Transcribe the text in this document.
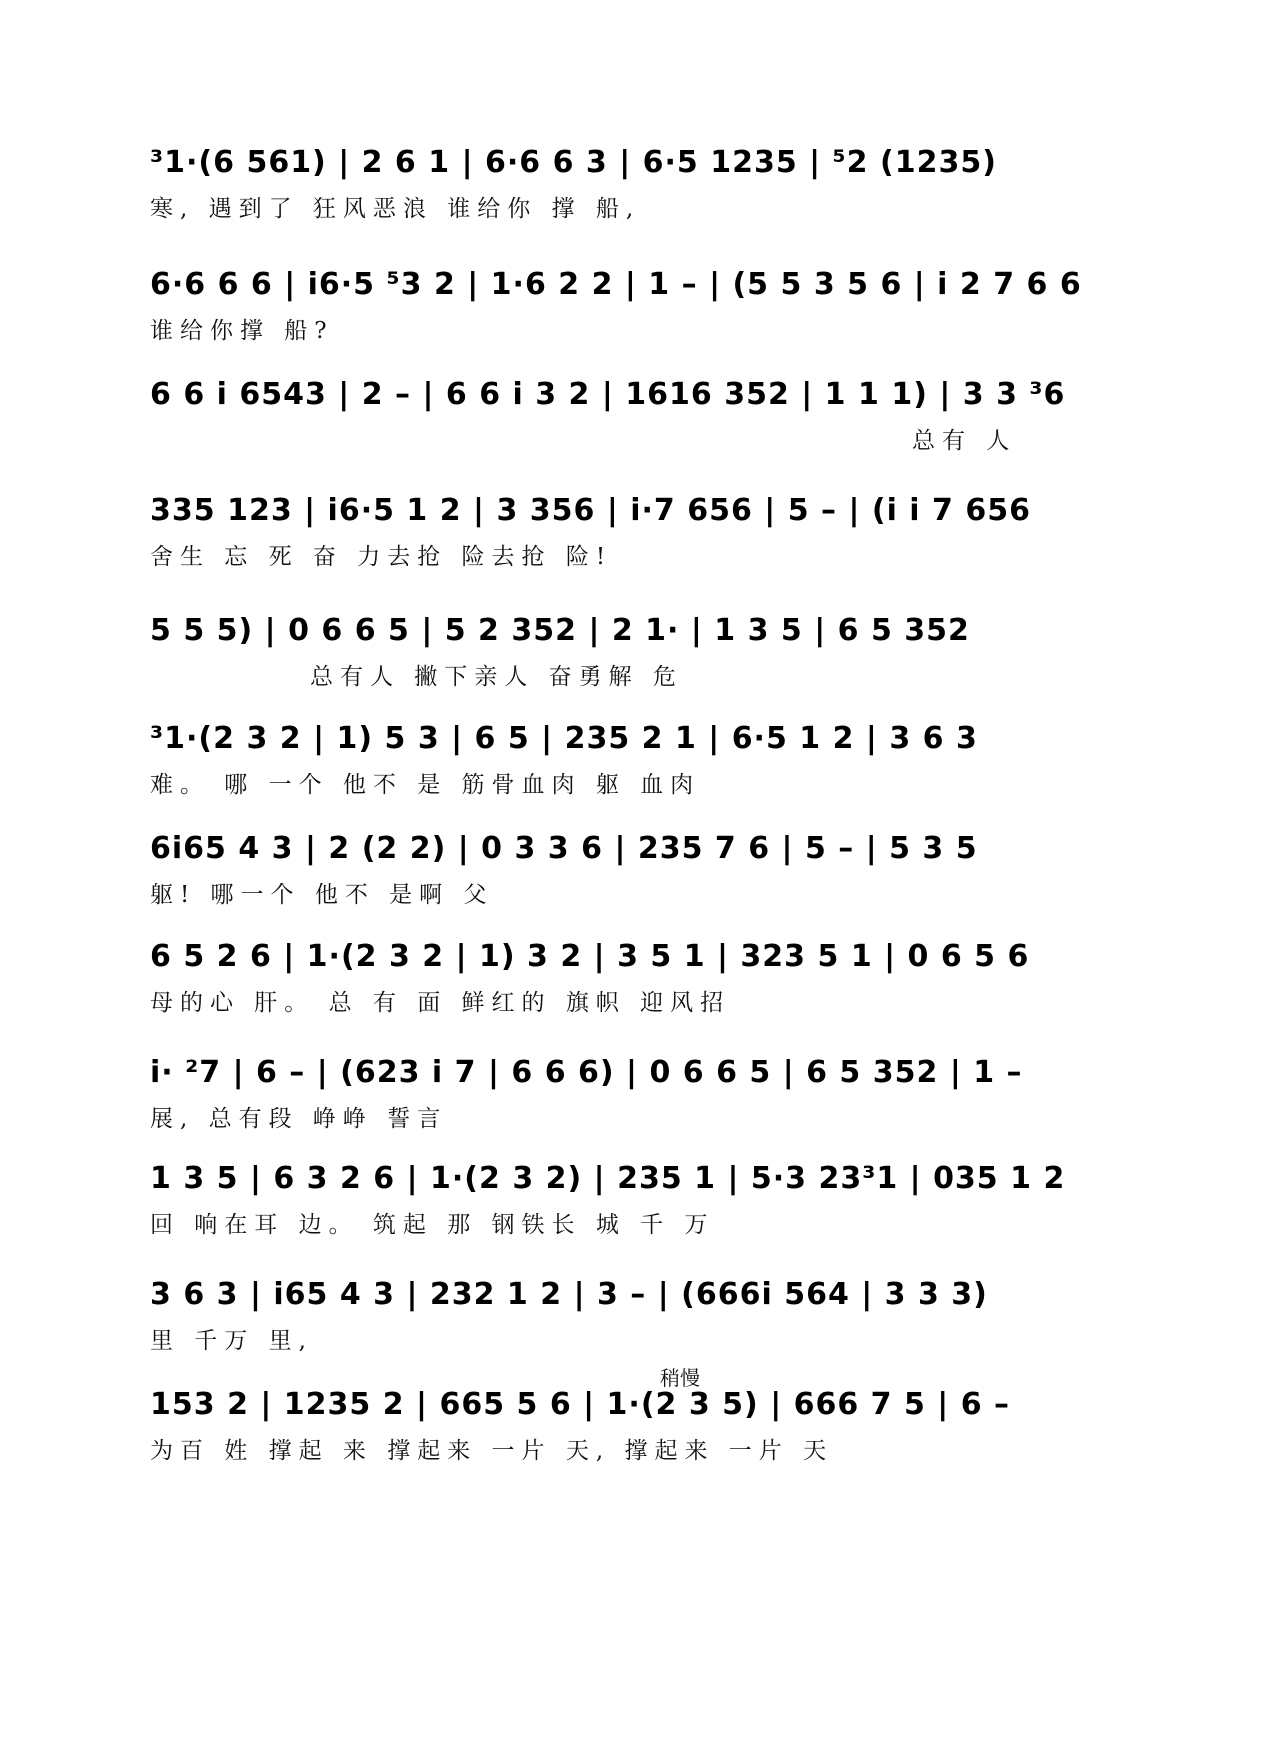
³1·(6 561) | 2 6 1 | 6·6 6 3 | 6·5 1235 | ⁵2 (1235)
寒, 遇到了 狂风恶浪 谁给你 撑 船,
6·6 6 6 | i6·5 ⁵3 2 | 1·6 2 2 | 1 – | (5 5 3 5 6 | i 2 7 6 6
谁给你撑 船?
6 6 i 6543 | 2 – | 6 6 i 3 2 | 1616 352 | 1 1 1) | 3 3 ³6
总有 人
335 123 | i6·5 1 2 | 3 356 | i·7 656 | 5 – | (i i 7 656
舍生 忘 死 奋 力去抢 险去抢 险!
5 5 5) | 0 6 6 5 | 5 2 352 | 2 1· | 1 3 5 | 6 5 352
总有人 撇下亲人 奋勇解 危
³1·(2 3 2 | 1) 5 3 | 6 5 | 235 2 1 | 6·5 1 2 | 3 6 3
难。 哪 一个 他不 是 筋骨血肉 躯 血肉
6i65 4 3 | 2 (2 2) | 0 3 3 6 | 235 7 6 | 5 – | 5 3 5
躯! 哪一个 他不 是啊 父
6 5 2 6 | 1·(2 3 2 | 1) 3 2 | 3 5 1 | 323 5 1 | 0 6 5 6
母的心 肝。 总 有 面 鲜红的 旗帜 迎风招
i· ²7 | 6 – | (623 i 7 | 6 6 6) | 0 6 6 5 | 6 5 352 | 1 –
展, 总有段 峥峥 誓言
1 3 5 | 6 3 2 6 | 1·(2 3 2) | 235 1 | 5·3 23³1 | 035 1 2
回 响在耳 边。 筑起 那 钢铁长 城 千 万
3 6 3 | i65 4 3 | 232 1 2 | 3 – | (666i 564 | 3 3 3)
里 千万 里,
稍慢
153 2 | 1235 2 | 665 5 6 | 1·(2 3 5) | 666 7 5 | 6 –
为百 姓 撑起 来 撑起来 一片 天, 撑起来 一片 天
